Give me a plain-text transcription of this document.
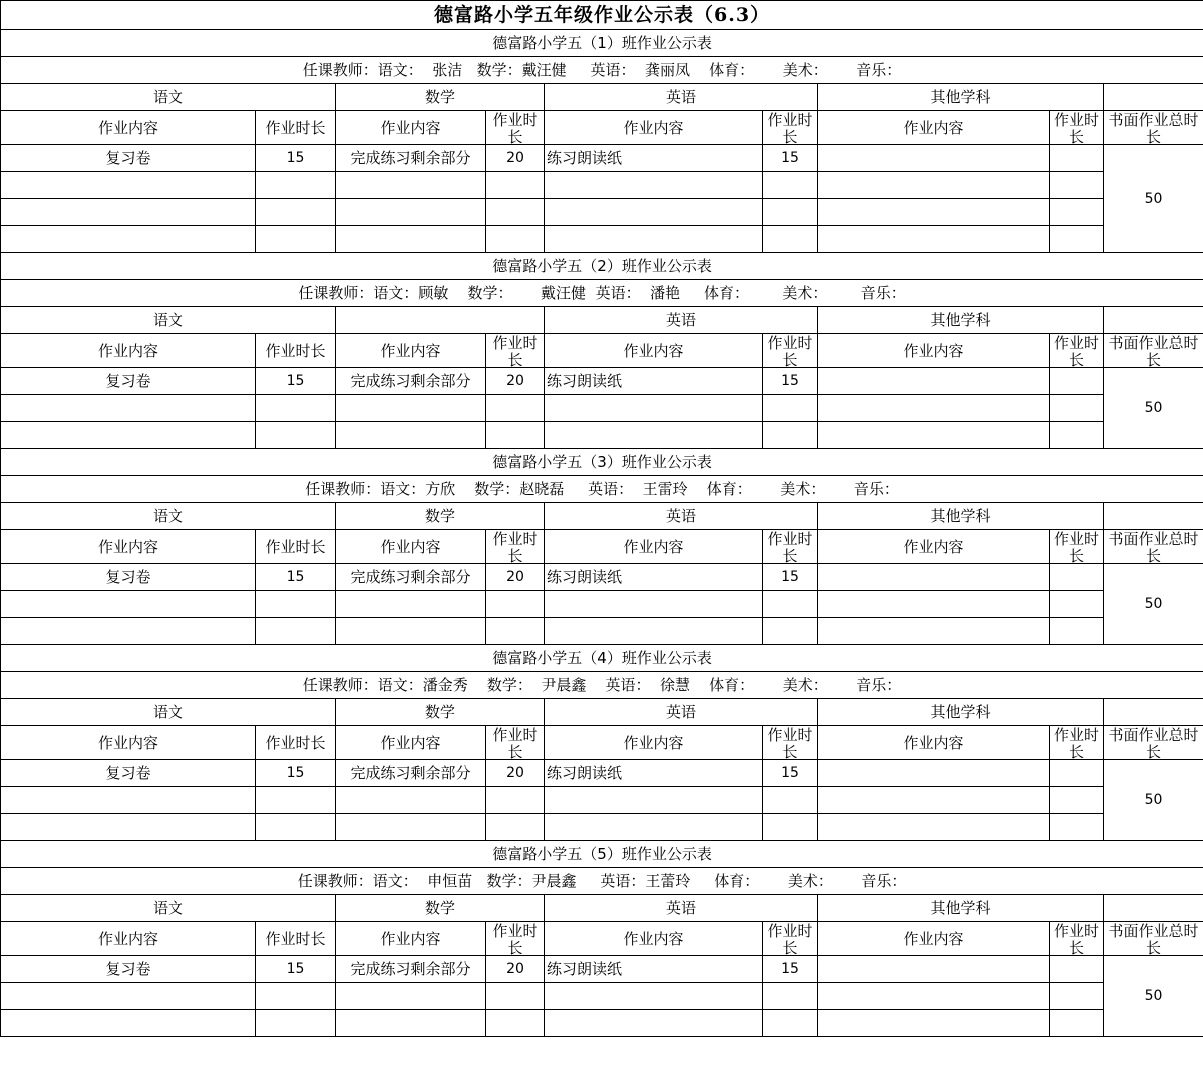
德富路小学五年级作业公示表（6.3）								
德富路小学五（1）班作业公示表								
任课教师：语文：  张洁   数学：戴汪健     英语：  龚丽凤    体育：      美术：      音乐：								
语文		数学		英语		其他学科		
作业内容	作业时长	作业内容	作业时长	作业内容	作业时长	作业内容	作业时长	书面作业总时长

复习卷	15	完成练习剩余部分	20	练习朗读纸	15			50

德富路小学五（2）班作业公示表								
任课教师：语文：顾敏    数学：      戴汪健  英语：  潘艳     体育：       美术：       音乐：								
语文				英语		其他学科		
作业内容	作业时长	作业内容	作业时长	作业内容	作业时长	作业内容	作业时长	书面作业总时长

复习卷	15	完成练习剩余部分	20	练习朗读纸	15			50

德富路小学五（3）班作业公示表								
任课教师：语文：方欣    数学：赵晓磊     英语：  王雷玲    体育：      美术：      音乐：								
语文		数学		英语		其他学科		
作业内容	作业时长	作业内容	作业时长	作业内容	作业时长	作业内容	作业时长	书面作业总时长

复习卷	15	完成练习剩余部分	20	练习朗读纸	15			50

德富路小学五（4）班作业公示表								
任课教师：语文：潘金秀    数学：  尹晨鑫    英语：  徐慧    体育：      美术：      音乐：								
语文		数学		英语		其他学科		
作业内容	作业时长	作业内容	作业时长	作业内容	作业时长	作业内容	作业时长	书面作业总时长

复习卷	15	完成练习剩余部分	20	练习朗读纸	15			50

德富路小学五（5）班作业公示表								
任课教师：语文：  申恒苗   数学：尹晨鑫     英语：王蕾玲     体育：      美术：      音乐：								
语文		数学		英语		其他学科		
作业内容	作业时长	作业内容	作业时长	作业内容	作业时长	作业内容	作业时长	书面作业总时长

复习卷	15	完成练习剩余部分	20	练习朗读纸	15			50
